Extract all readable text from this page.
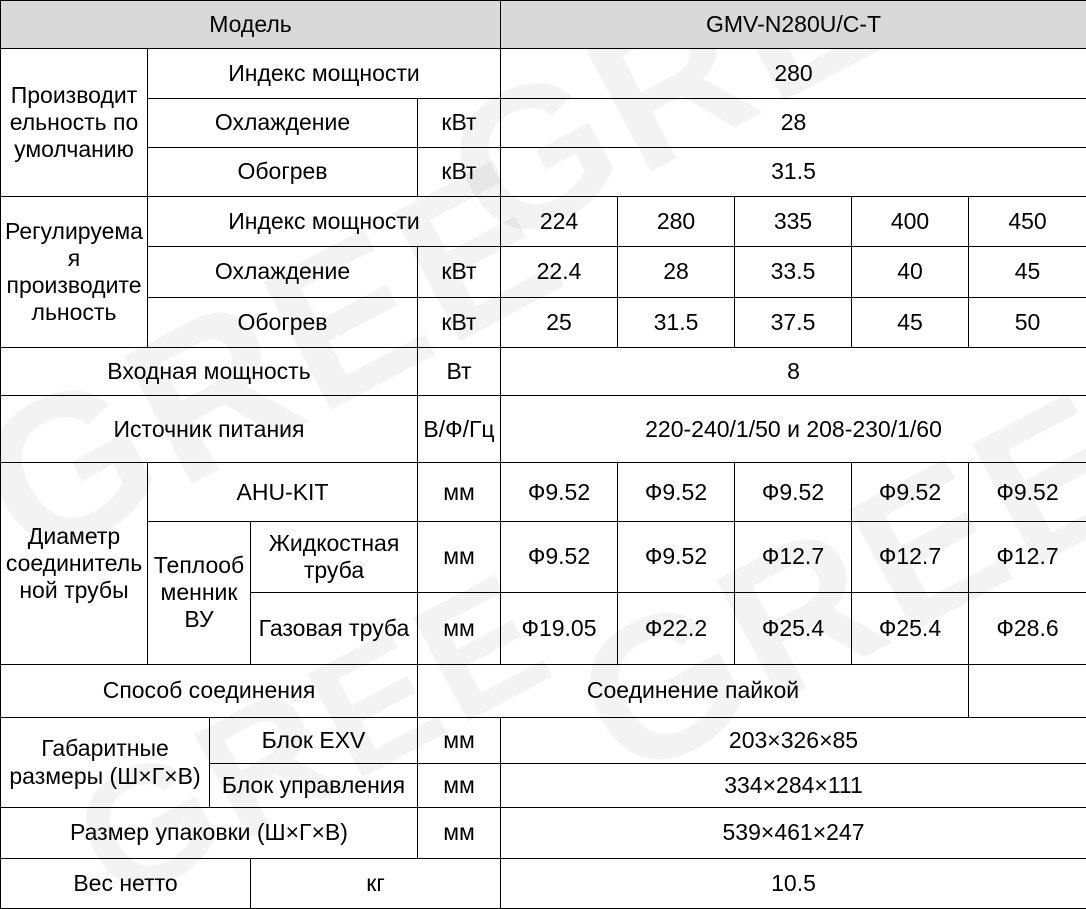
Модель					GMV-N280U/C-T				
Производительность по умолчанию	Индекс мощности				280				
	Охлаждение			кВт	28				
	Обогрев			кВт	31.5				
Регулируемая производительность	Индекс мощности				224	280	335	400	450
	Охлаждение			кВт	22.4	28	33.5	40	45
	Обогрев			кВт	25	31.5	37.5	45	50
Входная мощность				Вт	8				
Источник питания				В/Ф/Гц	220-240/1/50 и 208-230/1/60				
Диаметр соединительной трубы	AHU-KIT			мм	Ф9.52	Ф9.52	Ф9.52	Ф9.52	Ф9.52
	Теплообменник ВУ		Жидкостная труба	мм	Ф9.52	Ф9.52	Ф12.7	Ф12.7	Ф12.7
			Газовая труба	мм	Ф19.05	Ф22.2	Ф25.4	Ф25.4	Ф28.6
Способ соединения				Соединение пайкой					
Габаритные размеры (Ш×Г×В)		Блок EXV		мм	203×326×85				
		Блок управления		мм	334×284×111				
Размер упаковки (Ш×Г×В)				мм	539×461×247				
Вес нетто			кг		10.5				
